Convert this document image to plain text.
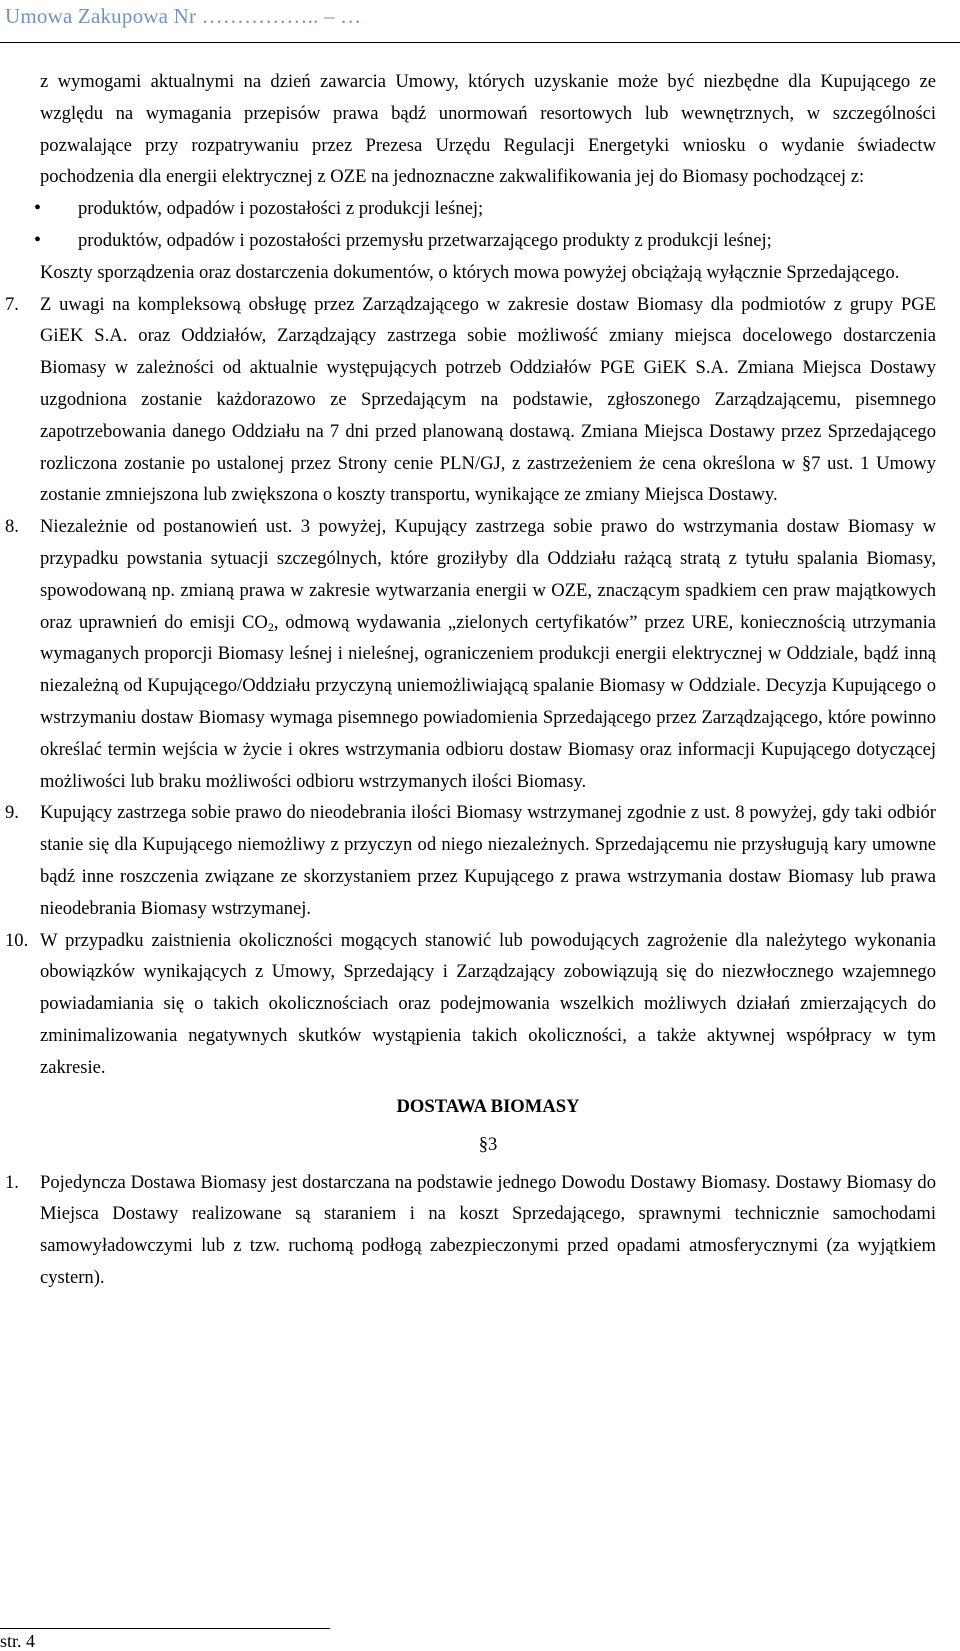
Umowa Zakupowa Nr …………….. – …
z wymogami aktualnymi na dzień zawarcia Umowy, których uzyskanie może być niezbędne dla Kupującego ze względu na wymagania przepisów prawa bądź unormowań resortowych lub wewnętrznych, w szczególności pozwalające przy rozpatrywaniu przez Prezesa Urzędu Regulacji Energetyki wniosku o wydanie świadectw pochodzenia dla energii elektrycznej z OZE na jednoznaczne zakwalifikowania jej do Biomasy pochodzącej z:
• produktów, odpadów i pozostałości z produkcji leśnej;
• produktów, odpadów i pozostałości przemysłu przetwarzającego produkty z produkcji leśnej;
Koszty sporządzenia oraz dostarczenia dokumentów, o których mowa powyżej obciążają wyłącznie Sprzedającego.
7. Z uwagi na kompleksową obsługę przez Zarządzającego w zakresie dostaw Biomasy dla podmiotów z grupy PGE GiEK S.A. oraz Oddziałów, Zarządzający zastrzega sobie możliwość zmiany miejsca docelowego dostarczenia Biomasy w zależności od aktualnie występujących potrzeb Oddziałów PGE GiEK S.A. Zmiana Miejsca Dostawy uzgodniona zostanie każdorazowo ze Sprzedającym na podstawie, zgłoszonego Zarządzającemu, pisemnego zapotrzebowania danego Oddziału na 7 dni przed planowaną dostawą. Zmiana Miejsca Dostawy przez Sprzedającego rozliczona zostanie po ustalonej przez Strony cenie PLN/GJ, z zastrzeżeniem że cena określona w §7 ust. 1 Umowy zostanie zmniejszona lub zwiększona o koszty transportu, wynikające ze zmiany Miejsca Dostawy.
8. Niezależnie od postanowień ust. 3 powyżej, Kupujący zastrzega sobie prawo do wstrzymania dostaw Biomasy w przypadku powstania sytuacji szczególnych, które groziłyby dla Oddziału rażącą stratą z tytułu spalania Biomasy, spowodowaną np. zmianą prawa w zakresie wytwarzania energii w OZE, znaczącym spadkiem cen praw majątkowych oraz uprawnień do emisji $CO_2$, odmową wydawania „zielonych certyfikatów” przez URE, koniecznością utrzymania wymaganych proporcji Biomasy leśnej i nieleśnej, ograniczeniem produkcji energii elektrycznej w Oddziale, bądź inną niezależną od Kupującego/Oddziału przyczyną uniemożliwiającą spalanie Biomasy w Oddziale. Decyzja Kupującego o wstrzymaniu dostaw Biomasy wymaga pisemnego powiadomienia Sprzedającego przez Zarządzającego, które powinno określać termin wejścia w życie i okres wstrzymania odbioru dostaw Biomasy oraz informacji Kupującego dotyczącej możliwości lub braku możliwości odbioru wstrzymanych ilości Biomasy.
9. Kupujący zastrzega sobie prawo do nieodebrania ilości Biomasy wstrzymanej zgodnie z ust. 8 powyżej, gdy taki odbiór stanie się dla Kupującego niemożliwy z przyczyn od niego niezależnych. Sprzedającemu nie przysługują kary umowne bądź inne roszczenia związane ze skorzystaniem przez Kupującego z prawa wstrzymania dostaw Biomasy lub prawa nieodebrania Biomasy wstrzymanej.
10. W przypadku zaistnienia okoliczności mogących stanowić lub powodujących zagrożenie dla należytego wykonania obowiązków wynikających z Umowy, Sprzedający i Zarządzający zobowiązują się do niezwłocznego wzajemnego powiadamiania się o takich okolicznościach oraz podejmowania wszelkich możliwych działań zmierzających do zminimalizowania negatywnych skutków wystąpienia takich okoliczności, a także aktywnej współpracy w tym zakresie.
DOSTAWA BIOMASY
§3
1. Pojedyncza Dostawa Biomasy jest dostarczana na podstawie jednego Dowodu Dostawy Biomasy. Dostawy Biomasy do Miejsca Dostawy realizowane są staraniem i na koszt Sprzedającego, sprawnymi technicznie samochodami samowyładowczymi lub z tzw. ruchomą podłogą zabezpieczonymi przed opadami atmosferycznymi (za wyjątkiem cystern).
str. 4
